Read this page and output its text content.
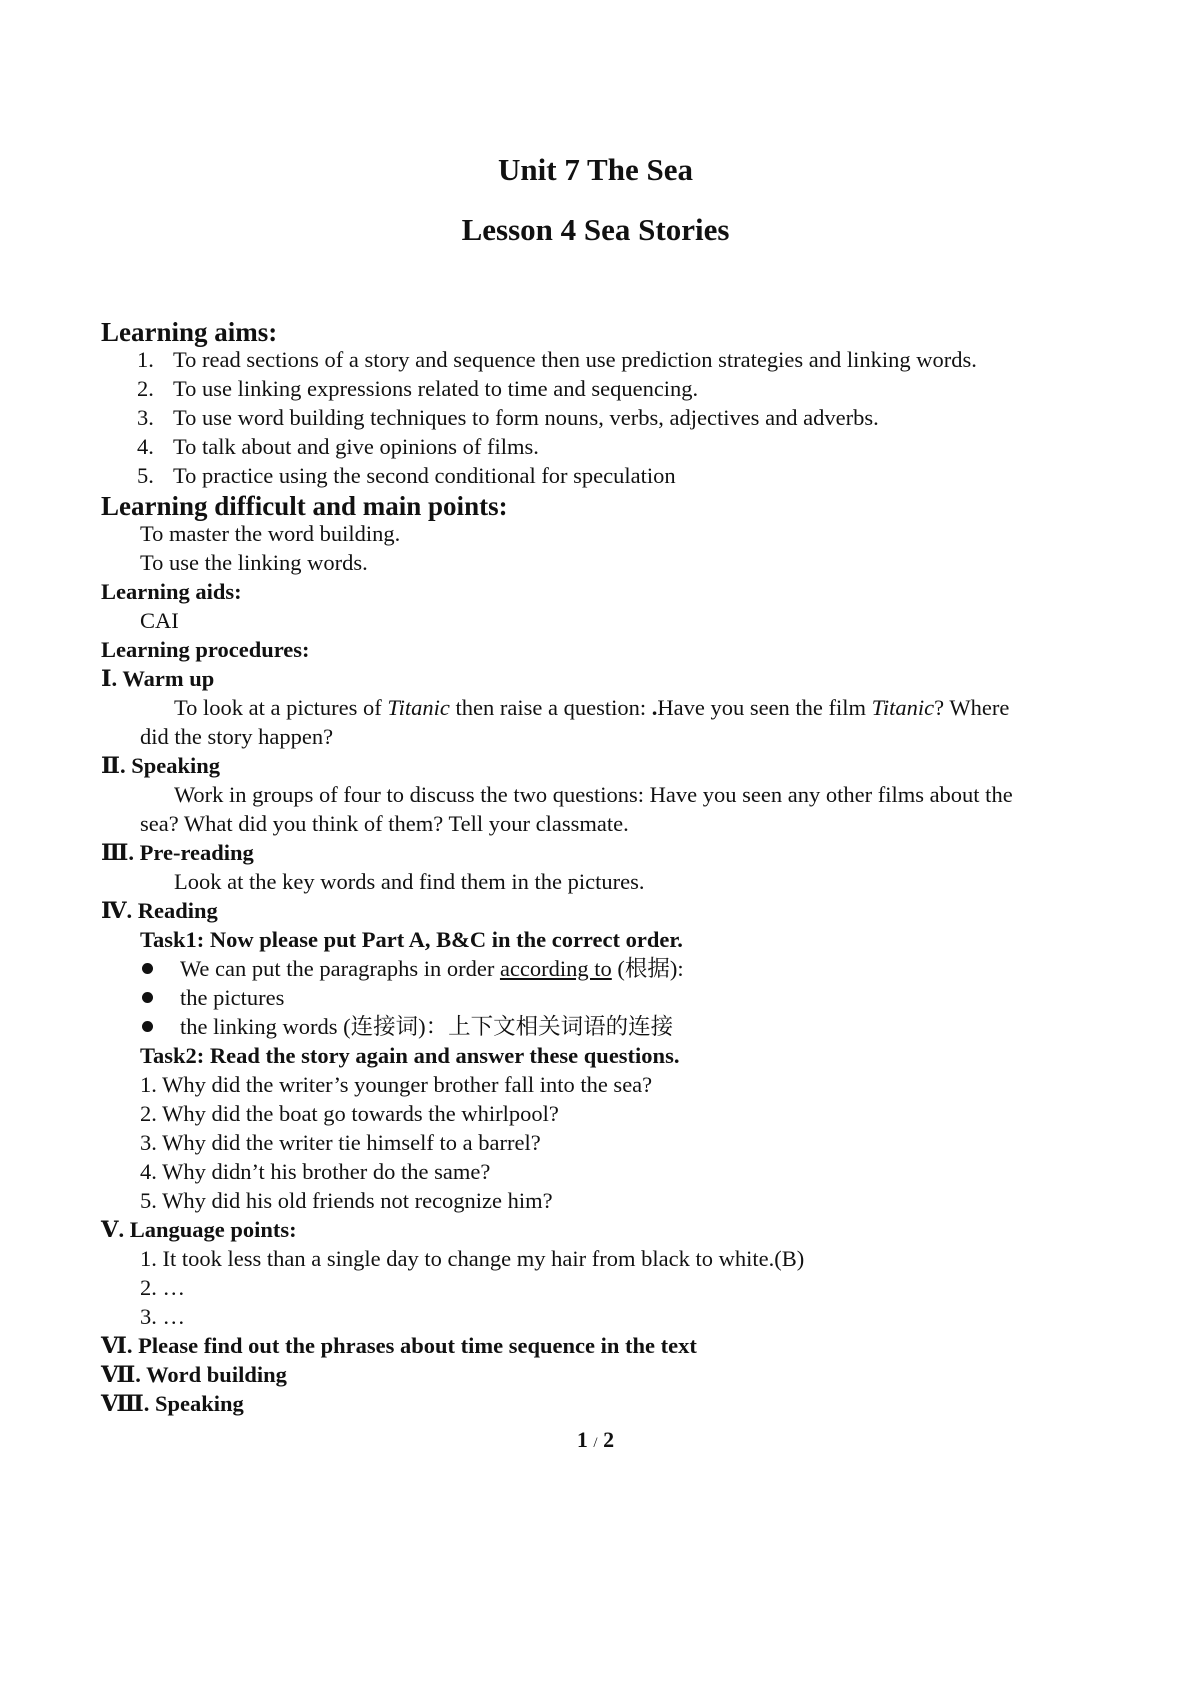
Unit 7 The Sea
Lesson 4 Sea Stories
Learning aims:
1. To read sections of a story and sequence then use prediction strategies and linking words.
2. To use linking expressions related to time and sequencing.
3. To use word building techniques to form nouns, verbs, adjectives and adverbs.
4. To talk about and give opinions of films.
5. To practice using the second conditional for speculation
Learning difficult and main points:
To master the word building.
To use the linking words.
Learning aids:
CAI
Learning procedures:
Ⅰ. Warm up
To look at a pictures of Titanic then raise a question: .Have you seen the film Titanic? Where
did the story happen?
Ⅱ. Speaking
Work in groups of four to discuss the two questions: Have you seen any other films about the
sea? What did you think of them? Tell your classmate.
Ⅲ. Pre-reading
Look at the key words and find them in the pictures.
Ⅳ. Reading
Task1: Now please put Part A, B&C in the correct order.
We can put the paragraphs in order according to (根据):
the pictures
the linking words (连接词)：上下文相关词语的连接
Task2: Read the story again and answer these questions.
1. Why did the writer’s younger brother fall into the sea?
2. Why did the boat go towards the whirlpool?
3. Why did the writer tie himself to a barrel?
4. Why didn’t his brother do the same?
5. Why did his old friends not recognize him?
Ⅴ. Language points:
1. It took less than a single day to change my hair from black to white.(B)
2. …
3. …
Ⅵ. Please find out the phrases about time sequence in the text
Ⅶ. Word building
Ⅷ. Speaking
1 / 2
